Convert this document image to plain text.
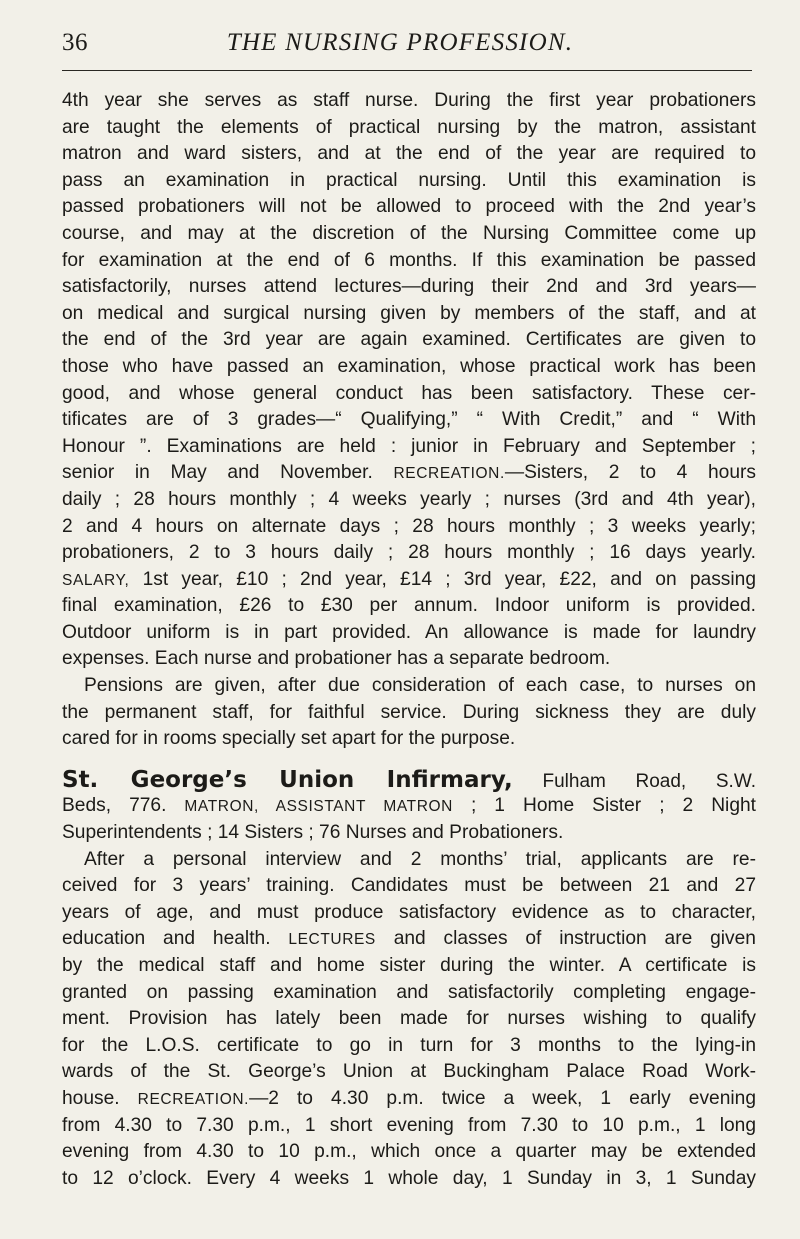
36	THE NURSING PROFESSION.
4th year she serves as staff nurse. During the first year probationers
are taught the elements of practical nursing by the matron, assistant
matron and ward sisters, and at the end of the year are required to
pass an examination in practical nursing. Until this examination is
passed probationers will not be allowed to proceed with the 2nd year’s
course, and may at the discretion of the Nursing Committee come up
for examination at the end of 6 months. If this examination be passed
satisfactorily, nurses attend lectures—during their 2nd and 3rd years—
on medical and surgical nursing given by members of the staff, and at
the end of the 3rd year are again examined. Certificates are given to
those who have passed an examination, whose practical work has been
good, and whose general conduct has been satisfactory. These cer-
tificates are of 3 grades—“ Qualifying,” “ With Credit,” and “ With
Honour ”. Examinations are held : junior in February and September ;
senior in May and November. RECREATION.—Sisters, 2 to 4 hours
daily ; 28 hours monthly ; 4 weeks yearly ; nurses (3rd and 4th year),
2 and 4 hours on alternate days ; 28 hours monthly ; 3 weeks yearly;
probationers, 2 to 3 hours daily ; 28 hours monthly ; 16 days yearly.
SALARY, 1st year, £10 ; 2nd year, £14 ; 3rd year, £22, and on passing
final examination, £26 to £30 per annum. Indoor uniform is provided.
Outdoor uniform is in part provided. An allowance is made for laundry
expenses. Each nurse and probationer has a separate bedroom.
Pensions are given, after due consideration of each case, to nurses on
the permanent staff, for faithful service. During sickness they are duly
cared for in rooms specially set apart for the purpose.
St. George’s Union Infirmary, Fulham Road, S.W.
Beds, 776. MATRON, ASSISTANT MATRON ; 1 Home Sister ; 2 Night
Superintendents ; 14 Sisters ; 76 Nurses and Probationers.
After a personal interview and 2 months’ trial, applicants are re-
ceived for 3 years’ training. Candidates must be between 21 and 27
years of age, and must produce satisfactory evidence as to character,
education and health. LECTURES and classes of instruction are given
by the medical staff and home sister during the winter. A certificate is
granted on passing examination and satisfactorily completing engage-
ment. Provision has lately been made for nurses wishing to qualify
for the L.O.S. certificate to go in turn for 3 months to the lying-in
wards of the St. George’s Union at Buckingham Palace Road Work-
house. RECREATION.—2 to 4.30 p.m. twice a week, 1 early evening
from 4.30 to 7.30 p.m., 1 short evening from 7.30 to 10 p.m., 1 long
evening from 4.30 to 10 p.m., which once a quarter may be extended
to 12 o’clock. Every 4 weeks 1 whole day, 1 Sunday in 3, 1 Sunday
